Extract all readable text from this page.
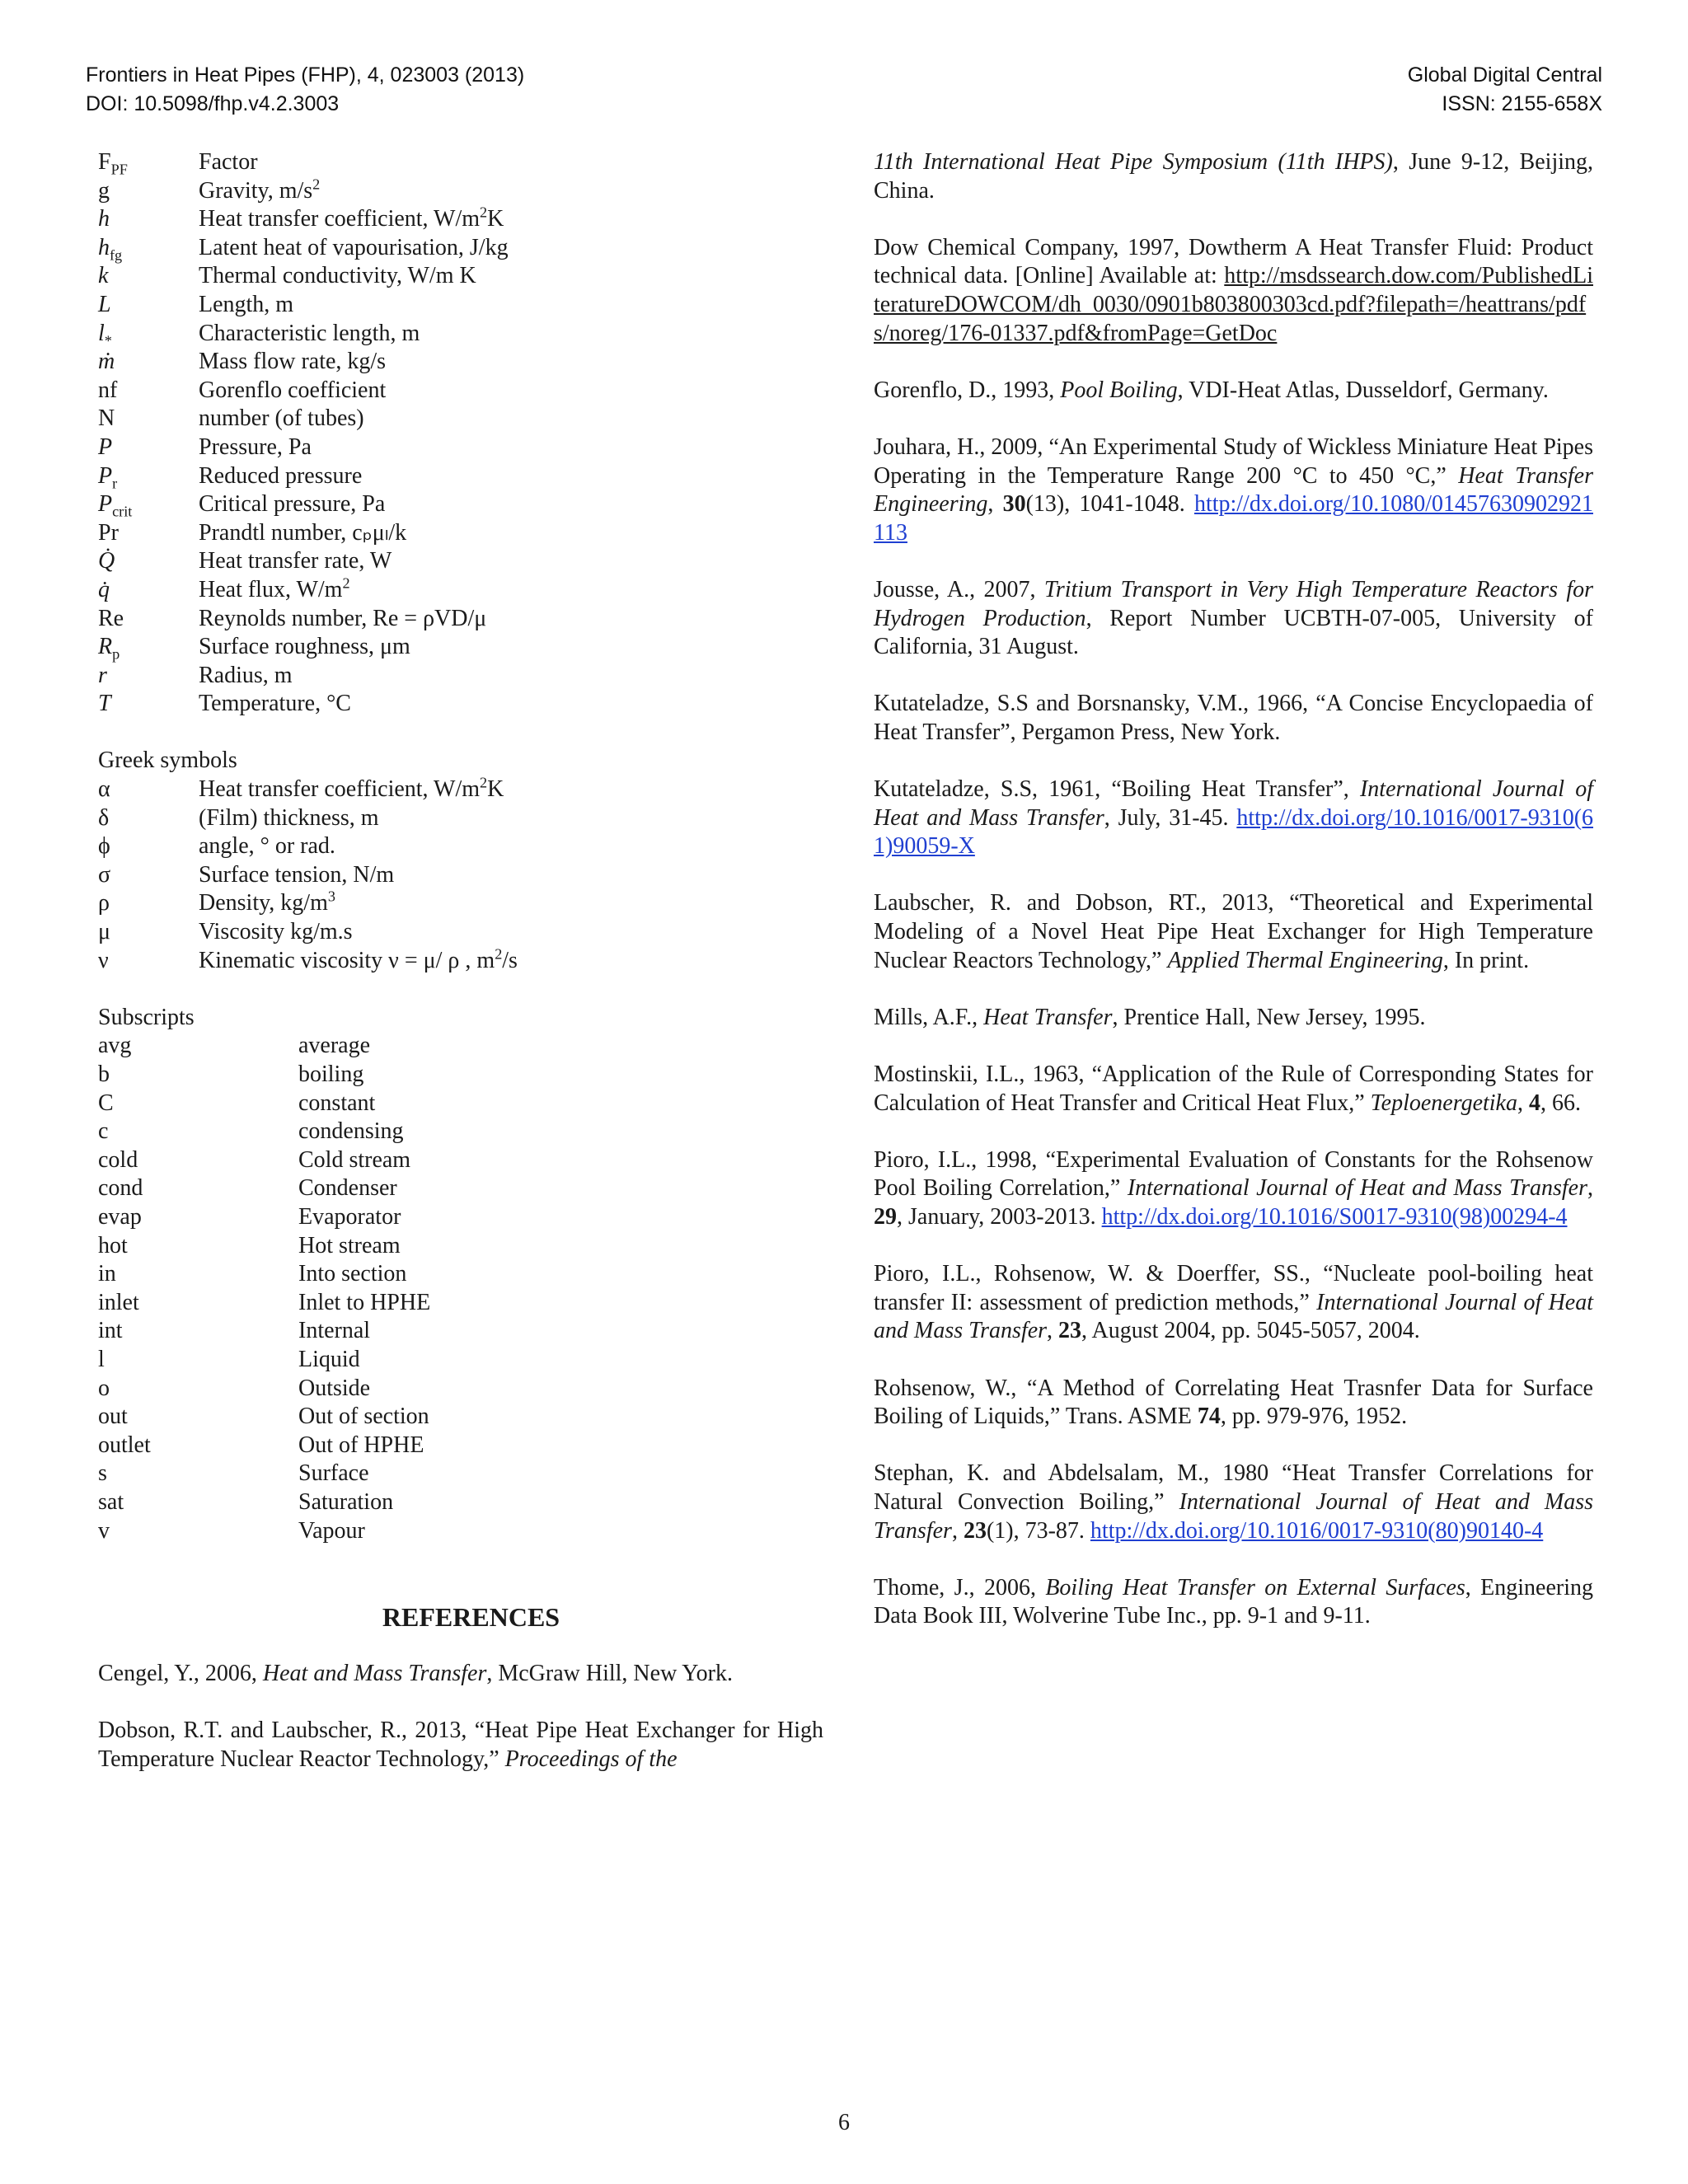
Frontiers in Heat Pipes (FHP), 4, 023003 (2013)
DOI: 10.5098/fhp.v4.2.3003
Global Digital Central
ISSN: 2155-658X
$F_{PF}$	Factor
g	Gravity, $m/s^2$
h	Heat transfer coefficient, $W/m^2K$
$h_{fg}$	Latent heat of vapourisation, J/kg
k	Thermal conductivity, W/m K
L	Length, m
$l_*$	Characteristic length, m
ṁ	Mass flow rate, kg/s
nf	Gorenflo coefficient
N	number (of tubes)
P	Pressure, Pa
$P_r$	Reduced pressure
$P_{crit}$	Critical pressure, Pa
Pr	Prandtl number, cₚμₗ/k
Q̇	Heat transfer rate, W
q̇	Heat flux, $W/m^2$
Re	Reynolds number, Re = ρVD/μ
$R_p$	Surface roughness, μm
r	Radius, m
T	Temperature, °C
Greek symbols
α	Heat transfer coefficient, $W/m^2K$
δ	(Film) thickness, m
ϕ	angle, ° or rad.
σ	Surface tension, N/m
ρ	Density, $kg/m^3$
μ	Viscosity kg/m.s
ν	Kinematic viscosity ν = μ/ ρ , $m^2/s$
Subscripts
avg	average
b	boiling
C	constant
c	condensing
cold	Cold stream
cond	Condenser
evap	Evaporator
hot	Hot stream
in	Into section
inlet	Inlet to HPHE
int	Internal
l	Liquid
o	Outside
out	Out of section
outlet	Out of HPHE
s	Surface
sat	Saturation
v	Vapour
REFERENCES

Cengel, Y., 2006, Heat and Mass Transfer, McGraw Hill, New York.

Dobson, R.T. and Laubscher, R., 2013, “Heat Pipe Heat Exchanger for High Temperature Nuclear Reactor Technology,” Proceedings of the

11th International Heat Pipe Symposium (11th IHPS), June 9-12, Beijing, China.

Dow Chemical Company, 1997, Dowtherm A Heat Transfer Fluid: Product technical data. [Online] Available at: http://msdssearch.dow.com/PublishedLiteratureDOWCOM/dh_0030/0901b803800303cd.pdf?filepath=/heattrans/pdfs/noreg/176-01337.pdf&fromPage=GetDoc

Gorenflo, D., 1993, Pool Boiling, VDI-Heat Atlas, Dusseldorf, Germany.

Jouhara, H., 2009, “An Experimental Study of Wickless Miniature Heat Pipes Operating in the Temperature Range 200 °C to 450 °C,” Heat Transfer Engineering, 30(13), 1041-1048. http://dx.doi.org/10.1080/01457630902921113

Jousse, A., 2007, Tritium Transport in Very High Temperature Reactors for Hydrogen Production, Report Number UCBTH-07-005, University of California, 31 August.

Kutateladze, S.S and Borsnansky, V.M., 1966, “A Concise Encyclopaedia of Heat Transfer”, Pergamon Press, New York.

Kutateladze, S.S, 1961, “Boiling Heat Transfer”, International Journal of Heat and Mass Transfer, July, 31-45. http://dx.doi.org/10.1016/0017-9310(61)90059-X

Laubscher, R. and Dobson, RT., 2013, “Theoretical and Experimental Modeling of a Novel Heat Pipe Heat Exchanger for High Temperature Nuclear Reactors Technology,” Applied Thermal Engineering, In print.

Mills, A.F., Heat Transfer, Prentice Hall, New Jersey, 1995.

Mostinskii, I.L., 1963, “Application of the Rule of Corresponding States for Calculation of Heat Transfer and Critical Heat Flux,” Teploenergetika, 4, 66.

Pioro, I.L., 1998, “Experimental Evaluation of Constants for the Rohsenow Pool Boiling Correlation,” International Journal of Heat and Mass Transfer, 29, January, 2003-2013. http://dx.doi.org/10.1016/S0017-9310(98)00294-4

Pioro, I.L., Rohsenow, W. & Doerffer, SS., “Nucleate pool-boiling heat transfer II: assessment of prediction methods,” International Journal of Heat and Mass Transfer, 23, August 2004, pp. 5045-5057, 2004.

Rohsenow, W., “A Method of Correlating Heat Trasnfer Data for Surface Boiling of Liquids,” Trans. ASME 74, pp. 979-976, 1952.

Stephan, K. and Abdelsalam, M., 1980 “Heat Transfer Correlations for Natural Convection Boiling,” International Journal of Heat and Mass Transfer, 23(1), 73-87. http://dx.doi.org/10.1016/0017-9310(80)90140-4

Thome, J., 2006, Boiling Heat Transfer on External Surfaces, Engineering Data Book III, Wolverine Tube Inc., pp. 9-1 and 9-11.

6
